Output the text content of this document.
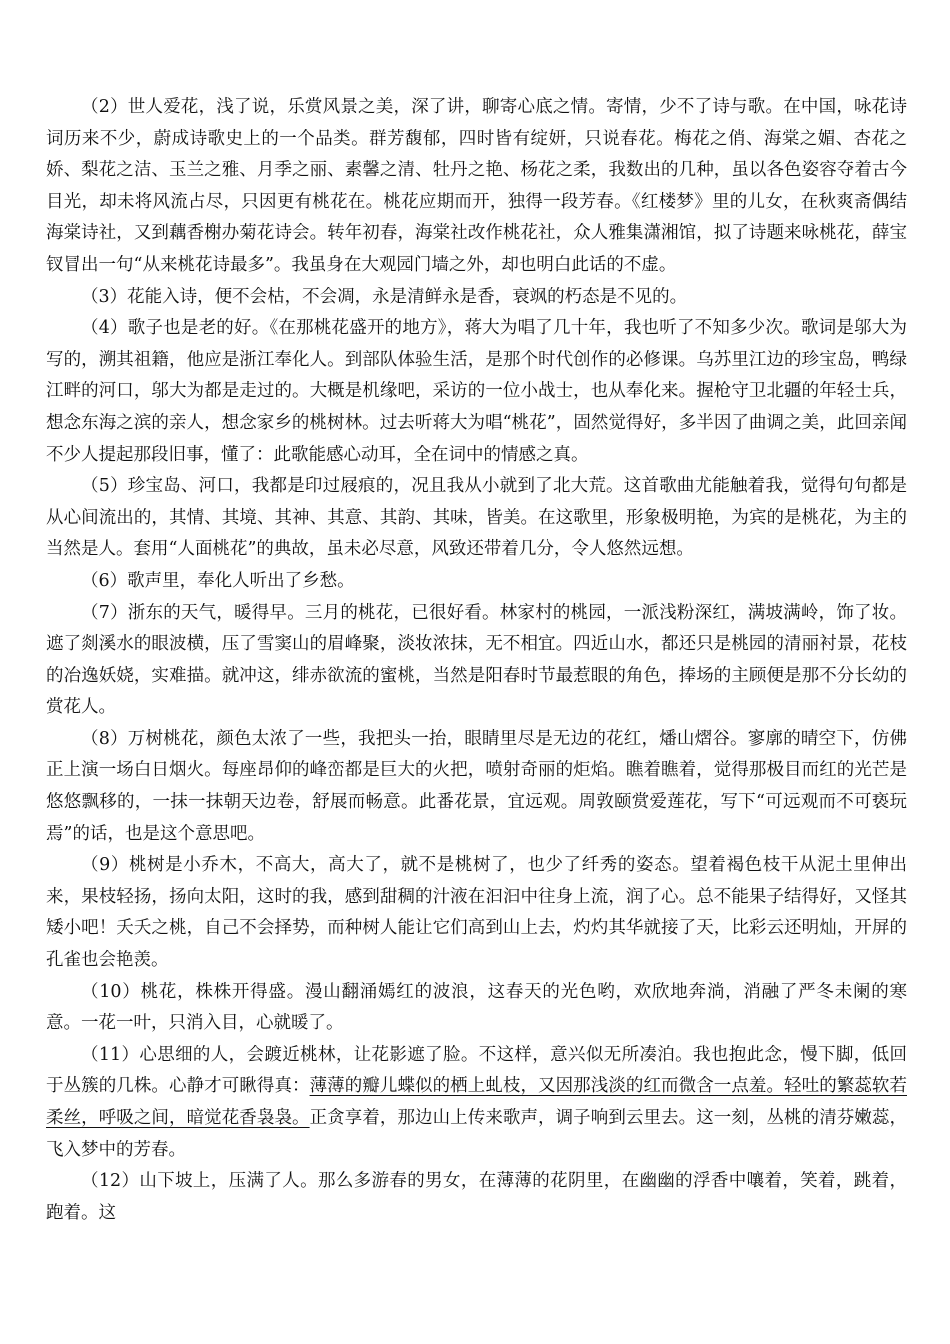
（2）世人爱花，浅了说，乐赏风景之美，深了讲，聊寄心底之情。寄情，少不了诗与歌。在中国，咏花诗词历来不少，蔚成诗歌史上的一个品类。群芳馥郁，四时皆有绽妍，只说春花。梅花之俏、海棠之媚、杏花之娇、梨花之洁、玉兰之雅、月季之丽、素馨之清、牡丹之艳、杨花之柔，我数出的几种，虽以各色姿容夺着古今目光，却未将风流占尽，只因更有桃花在。桃花应期而开，独得一段芳春。《红楼梦》里的儿女，在秋爽斋偶结海棠诗社，又到藕香榭办菊花诗会。转年初春，海棠社改作桃花社，众人雅集潇湘馆，拟了诗题来咏桃花，薛宝钗冒出一句“从来桃花诗最多”。我虽身在大观园门墙之外，却也明白此话的不虚。

（3）花能入诗，便不会枯，不会凋，永是清鲜永是香，衰飒的朽态是不见的。

（4）歌子也是老的好。《在那桃花盛开的地方》，蒋大为唱了几十年，我也听了不知多少次。歌词是邬大为写的，溯其祖籍，他应是浙江奉化人。到部队体验生活，是那个时代创作的必修课。乌苏里江边的珍宝岛，鸭绿江畔的河口，邬大为都是走过的。大概是机缘吧，采访的一位小战士，也从奉化来。握枪守卫北疆的年轻士兵，想念东海之滨的亲人，想念家乡的桃树林。过去听蒋大为唱“桃花”，固然觉得好，多半因了曲调之美，此回亲闻不少人提起那段旧事，懂了：此歌能感心动耳，全在词中的情感之真。

（5）珍宝岛、河口，我都是印过屐痕的，况且我从小就到了北大荒。这首歌曲尤能触着我，觉得句句都是从心间流出的，其情、其境、其神、其意、其韵、其味，皆美。在这歌里，形象极明艳，为宾的是桃花，为主的当然是人。套用“人面桃花”的典故，虽未必尽意，风致还带着几分，令人悠然远想。

（6）歌声里，奉化人听出了乡愁。

（7）浙东的天气，暖得早。三月的桃花，已很好看。林家村的桃园，一派浅粉深红，满坡满岭，饰了妆。遮了剡溪水的眼波横，压了雪窦山的眉峰聚，淡妆浓抹，无不相宜。四近山水，都还只是桃园的清丽衬景，花枝的冶逸妖娆，实难描。就冲这，绯赤欲流的蜜桃，当然是阳春时节最惹眼的角色，捧场的主顾便是那不分长幼的赏花人。

（8）万树桃花，颜色太浓了一些，我把头一抬，眼睛里尽是无边的花红，燔山熠谷。寥廓的晴空下，仿佛正上演一场白日烟火。每座昂仰的峰峦都是巨大的火把，喷射奇丽的炬焰。瞧着瞧着，觉得那极目而红的光芒是悠悠飘移的，一抹一抹朝天边卷，舒展而畅意。此番花景，宜远观。周敦颐赏爱莲花，写下“可远观而不可亵玩焉”的话，也是这个意思吧。

（9）桃树是小乔木，不高大，高大了，就不是桃树了，也少了纤秀的姿态。望着褐色枝干从泥土里伸出来，果枝轻扬，扬向太阳，这时的我，感到甜稠的汁液在汩汩中往身上流，润了心。总不能果子结得好，又怪其矮小吧！夭夭之桃，自己不会择势，而种树人能让它们高到山上去，灼灼其华就接了天，比彩云还明灿，开屏的孔雀也会艳羡。

（10）桃花，株株开得盛。漫山翻涌嫣红的波浪，这春天的光色哟，欢欣地奔淌，消融了严冬未阑的寒意。一花一叶，只消入目，心就暖了。

（11）心思细的人，会踱近桃林，让花影遮了脸。不这样，意兴似无所凑泊。我也抱此念，慢下脚，低回于丛簇的几株。心静才可瞅得真：薄薄的瓣儿蝶似的栖上虬枝，又因那浅淡的红而微含一点羞。轻吐的繁蕊软若柔丝，呼吸之间，暗觉花香袅袅。正贪享着，那边山上传来歌声，调子响到云里去。这一刻，丛桃的清芬嫩蕊，飞入梦中的芳春。

（12）山下坡上，压满了人。那么多游春的男女，在薄薄的花阴里，在幽幽的浮香中嚷着，笑着，跳着，跑着。这
